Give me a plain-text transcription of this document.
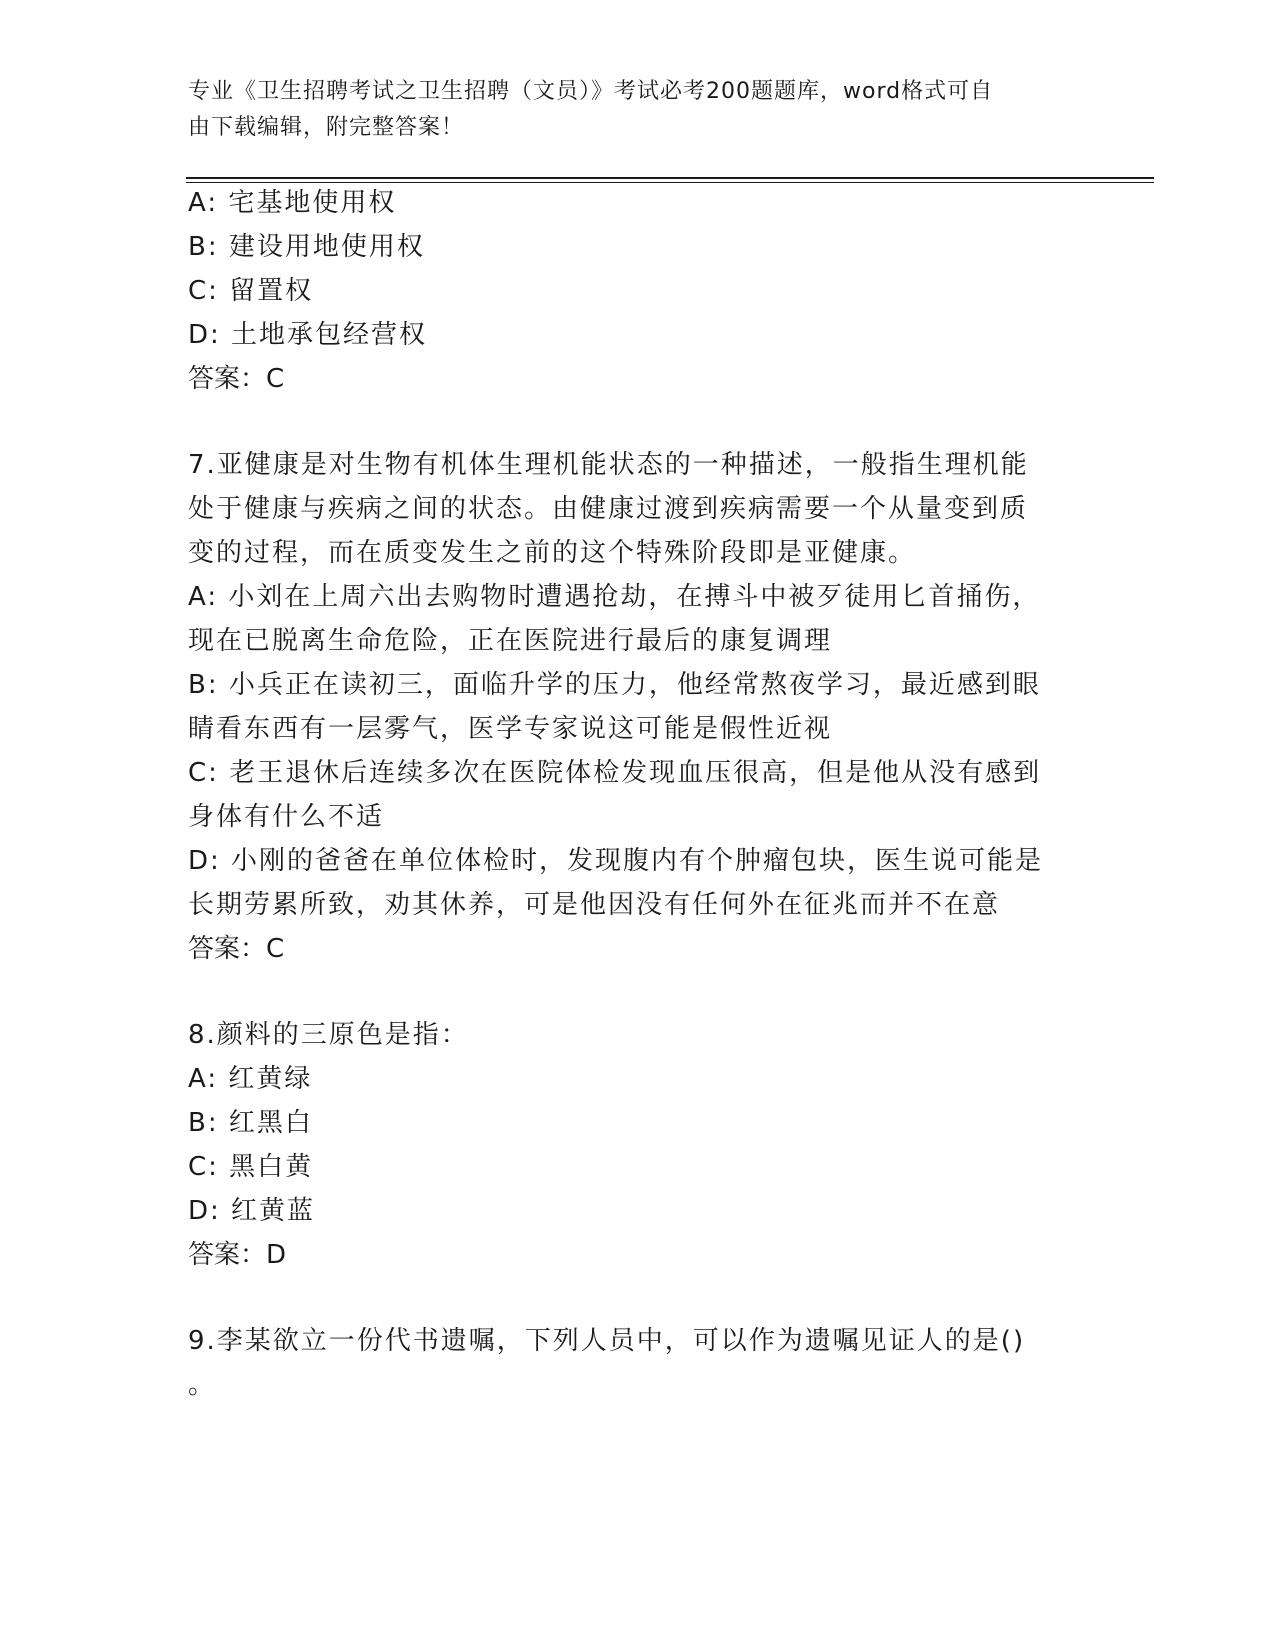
专业《卫生招聘考试之卫生招聘（文员）》考试必考200题题库，word格式可自
由下载编辑，附完整答案！
A: 宅基地使用权
B: 建设用地使用权
C: 留置权
D: 土地承包经营权
答案：C
7.亚健康是对生物有机体生理机能状态的一种描述，一般指生理机能
处于健康与疾病之间的状态。由健康过渡到疾病需要一个从量变到质
变的过程，而在质变发生之前的这个特殊阶段即是亚健康。
A: 小刘在上周六出去购物时遭遇抢劫，在搏斗中被歹徒用匕首捅伤，
现在已脱离生命危险，正在医院进行最后的康复调理
B: 小兵正在读初三，面临升学的压力，他经常熬夜学习，最近感到眼
睛看东西有一层雾气，医学专家说这可能是假性近视
C: 老王退休后连续多次在医院体检发现血压很高，但是他从没有感到
身体有什么不适
D: 小刚的爸爸在单位体检时，发现腹内有个肿瘤包块，医生说可能是
长期劳累所致，劝其休养，可是他因没有任何外在征兆而并不在意
答案：C
8.颜料的三原色是指：
A: 红黄绿
B: 红黑白
C: 黑白黄
D: 红黄蓝
答案：D
9.李某欲立一份代书遗嘱，下列人员中，可以作为遗嘱见证人的是()
。
